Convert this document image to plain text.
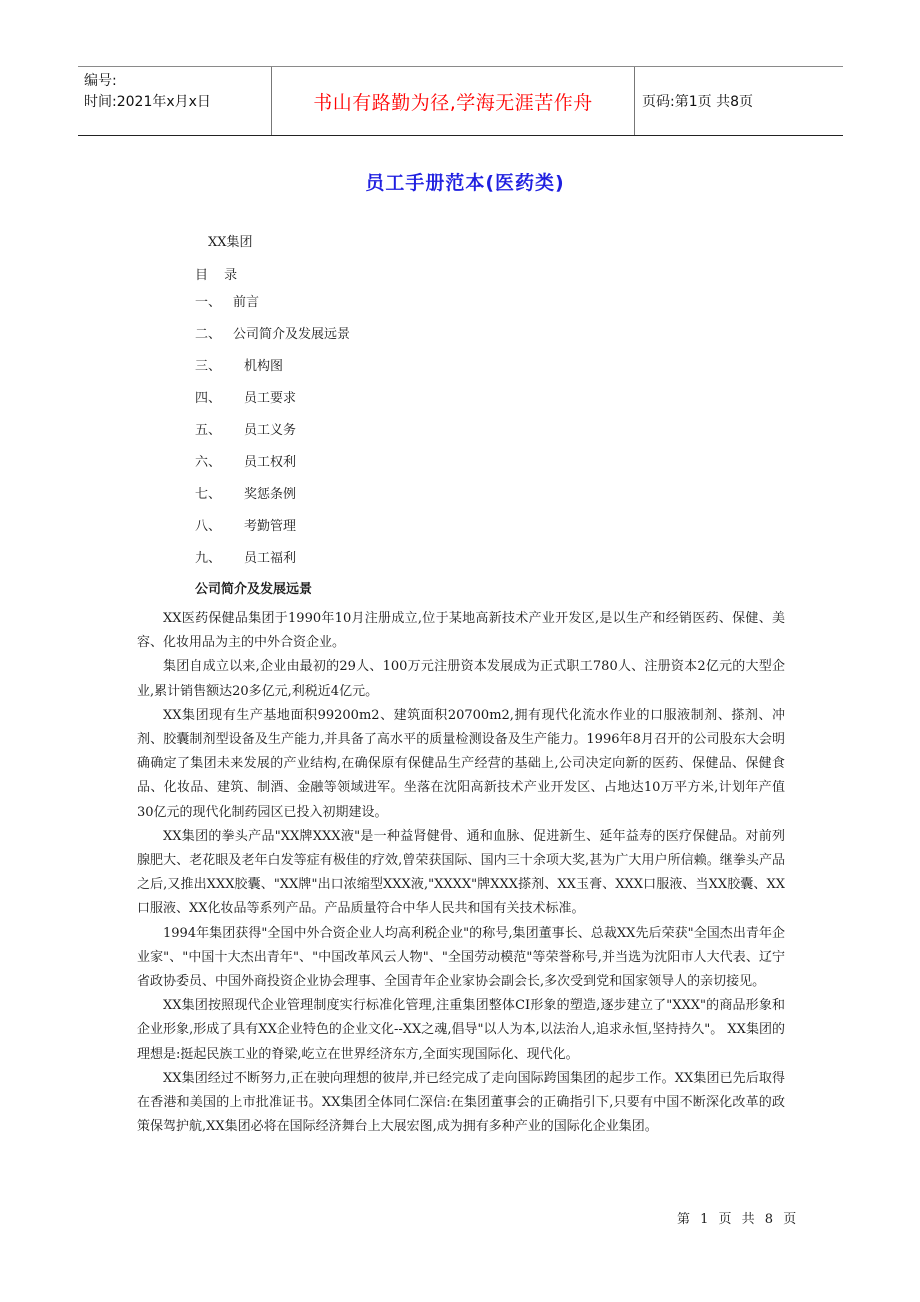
编号:
时间:2021年x月x日	书山有路勤为径,学海无涯苦作舟	页码:第1页 共8页
员工手册范本(医药类)
XX集团
目 录
一、 前言
二、 公司简介及发展远景
三、	机构图
四、	员工要求
五、	员工义务
六、	员工权利
七、	奖惩条例
八、	考勤管理
九、	员工福利
公司简介及发展远景

XX医药保健品集团于1990年10月注册成立,位于某地高新技术产业开发区,是以生产和经销医药、保健、美容、化妆用品为主的中外合资企业。

集团自成立以来,企业由最初的29人、100万元注册资本发展成为正式职工780人、注册资本2亿元的大型企业,累计销售额达20多亿元,利税近4亿元。

XX集团现有生产基地面积99200m2、建筑面积20700m2,拥有现代化流水作业的口服液制剂、搽剂、冲剂、胶囊制剂型设备及生产能力,并具备了高水平的质量检测设备及生产能力。1996年8月召开的公司股东大会明确确定了集团未来发展的产业结构,在确保原有保健品生产经营的基础上,公司决定向新的医药、保健品、保健食品、化妆品、建筑、制酒、金融等领域进军。坐落在沈阳高新技术产业开发区、占地达10万平方米,计划年产值30亿元的现代化制药园区已投入初期建设。

XX集团的拳头产品"XX牌XXX液"是一种益肾健骨、通和血脉、促进新生、延年益寿的医疗保健品。对前列腺肥大、老花眼及老年白发等症有极佳的疗效,曾荣获国际、国内三十余项大奖,甚为广大用户所信赖。继拳头产品之后,又推出XXX胶囊、"XX牌"出口浓缩型XXX液,"XXXX"牌XXX搽剂、XX玉膏、XXX口服液、当XX胶囊、XX口服液、XX化妆品等系列产品。产品质量符合中华人民共和国有关技术标准。

1994年集团获得"全国中外合资企业人均高利税企业"的称号,集团董事长、总裁XX先后荣获"全国杰出青年企业家"、"中国十大杰出青年"、"中国改革风云人物"、"全国劳动模范"等荣誉称号,并当选为沈阳市人大代表、辽宁省政协委员、中国外商投资企业协会理事、全国青年企业家协会副会长,多次受到党和国家领导人的亲切接见。

XX集团按照现代企业管理制度实行标准化管理,注重集团整体CI形象的塑造,逐步建立了"XXX"的商品形象和企业形象,形成了具有XX企业特色的企业文化--XX之魂,倡导"以人为本,以法治人,追求永恒,坚持持久"。 XX集团的理想是:挺起民族工业的脊梁,屹立在世界经济东方,全面实现国际化、现代化。

XX集团经过不断努力,正在驶向理想的彼岸,并已经完成了走向国际跨国集团的起步工作。XX集团已先后取得在香港和美国的上市批准证书。XX集团全体同仁深信:在集团董事会的正确指引下,只要有中国不断深化改革的政策保驾护航,XX集团必将在国际经济舞台上大展宏图,成为拥有多种产业的国际化企业集团。

第 1 页 共 8 页
